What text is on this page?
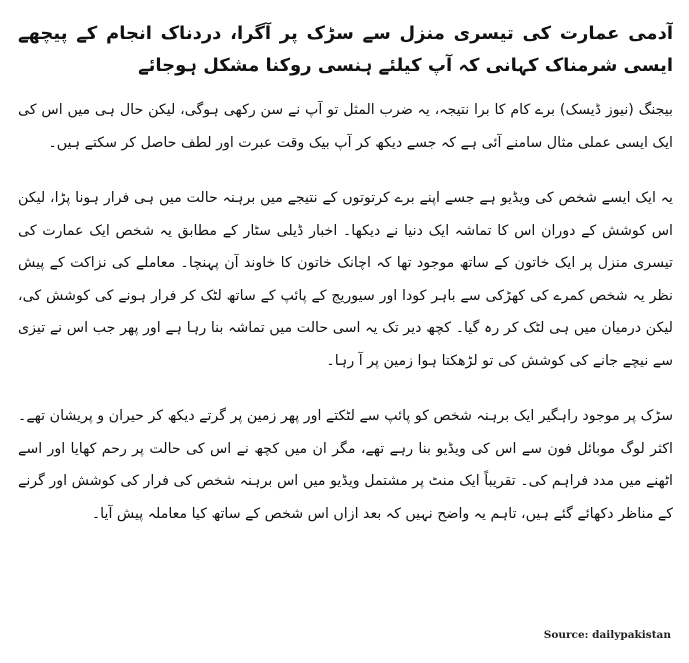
آدمی عمارت کی تیسری منزل سے سڑک پر آگرا، دردناک انجام کے پیچھے ایسی شرمناک کہانی کہ آپ کیلئے ہنسی روکنا مشکل ہوجائے
بیجنگ (نیوز ڈیسک) برے کام کا برا نتیجہ، یہ ضرب المثل تو آپ نے سن رکھی ہوگی، لیکن حال ہی میں اس کی ایک ایسی عملی مثال سامنے آئی ہے کہ جسے دیکھ کر آپ بیک وقت عبرت اور لطف حاصل کر سکتے ہیں۔
یہ ایک ایسے شخص کی ویڈیو ہے جسے اپنے برے کرتوتوں کے نتیجے میں برہنہ حالت میں ہی فرار ہونا پڑا، لیکن اس کوشش کے دوران اس کا تماشہ ایک دنیا نے دیکھا۔ اخبار ڈیلی سٹار کے مطابق یہ شخص ایک عمارت کی تیسری منزل پر ایک خاتون کے ساتھ موجود تھا کہ اچانک خاتون کا خاوند آن پہنچا۔ معاملے کی نزاکت کے پیش نظر یہ شخص کمرے کی کھڑکی سے باہر کودا اور سیوریج کے پائپ کے ساتھ لٹک کر فرار ہونے کی کوشش کی، لیکن درمیان میں ہی لٹک کر رہ گیا۔ کچھ دیر تک یہ اسی حالت میں تماشہ بنا رہا ہے اور پھر جب اس نے تیزی سے نیچے جانے کی کوشش کی تو لڑھکتا ہوا زمین پر آ رہا۔
سڑک پر موجود راہگیر ایک برہنہ شخص کو پائپ سے لٹکتے اور پھر زمین پر گرتے دیکھ کر حیران و پریشان تھے۔ اکثر لوگ موبائل فون سے اس کی ویڈیو بنا رہے تھے، مگر ان میں کچھ نے اس کی حالت پر رحم کھایا اور اسے اٹھنے میں مدد فراہم کی۔ تقریباً ایک منٹ پر مشتمل ویڈیو میں اس برہنہ شخص کی فرار کی کوشش اور گرنے کے مناظر دکھائے گئے ہیں، تاہم یہ واضح نہیں کہ بعد ازاں اس شخص کے ساتھ کیا معاملہ پیش آیا۔
Source: dailypakistan
